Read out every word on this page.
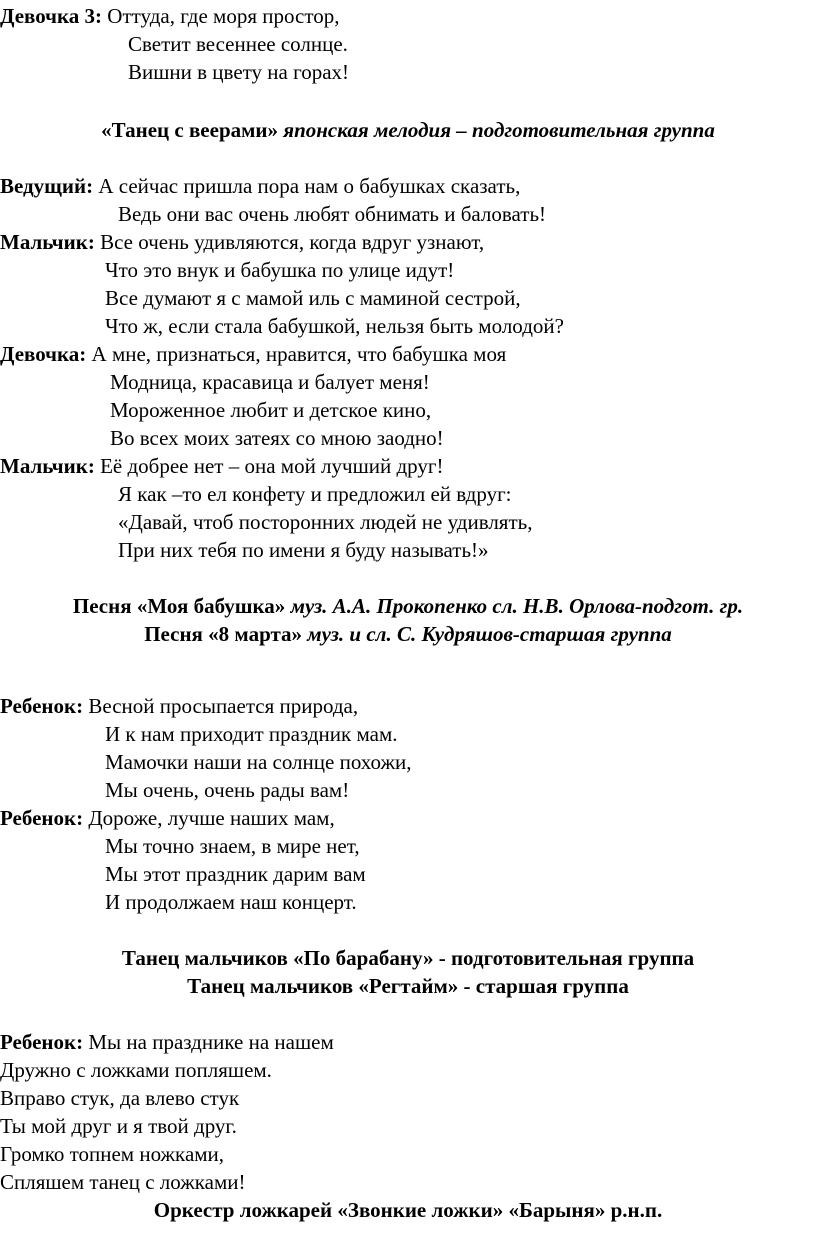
Девочка 3: Оттуда, где моря простор,
Светит весеннее солнце.
Вишни в цвету на горах!
«Танец с веерами» японская мелодия – подготовительная группа
Ведущий: А сейчас пришла пора нам о бабушках сказать,
Ведь они вас очень любят обнимать и баловать!
Мальчик: Все очень удивляются, когда вдруг узнают,
Что это внук и бабушка по улице идут!
Все думают я с мамой иль с маминой сестрой,
Что ж, если стала бабушкой, нельзя быть молодой?
Девочка: А мне, признаться, нравится, что бабушка моя
Модница, красавица и балует меня!
Мороженное любит и детское кино,
Во всех моих затеях со мною заодно!
Мальчик: Её добрее нет – она мой лучший друг!
Я как –то ел конфету и предложил ей вдруг:
«Давай, чтоб посторонних людей не удивлять,
При них тебя по имени я буду называть!»
Песня «Моя бабушка» муз. А.А. Прокопенко сл. Н.В. Орлова-подгот. гр.
Песня «8 марта» муз. и сл. С. Кудряшов-старшая группа
Ребенок: Весной просыпается природа,
И к нам приходит праздник мам.
Мамочки наши на солнце похожи,
Мы очень, очень рады вам!
Ребенок: Дороже, лучше наших мам,
Мы точно знаем, в мире нет,
Мы этот праздник дарим вам
И продолжаем наш концерт.
Танец мальчиков «По барабану» - подготовительная группа
Танец мальчиков «Регтайм» - старшая группа
Ребенок: Мы на празднике на нашем
Дружно с ложками попляшем.
Вправо стук, да влево стук
Ты мой друг и я твой друг.
Громко топнем ножками,
Спляшем танец с ложками!
Оркестр ложкарей «Звонкие ложки» «Барыня» р.н.п.
